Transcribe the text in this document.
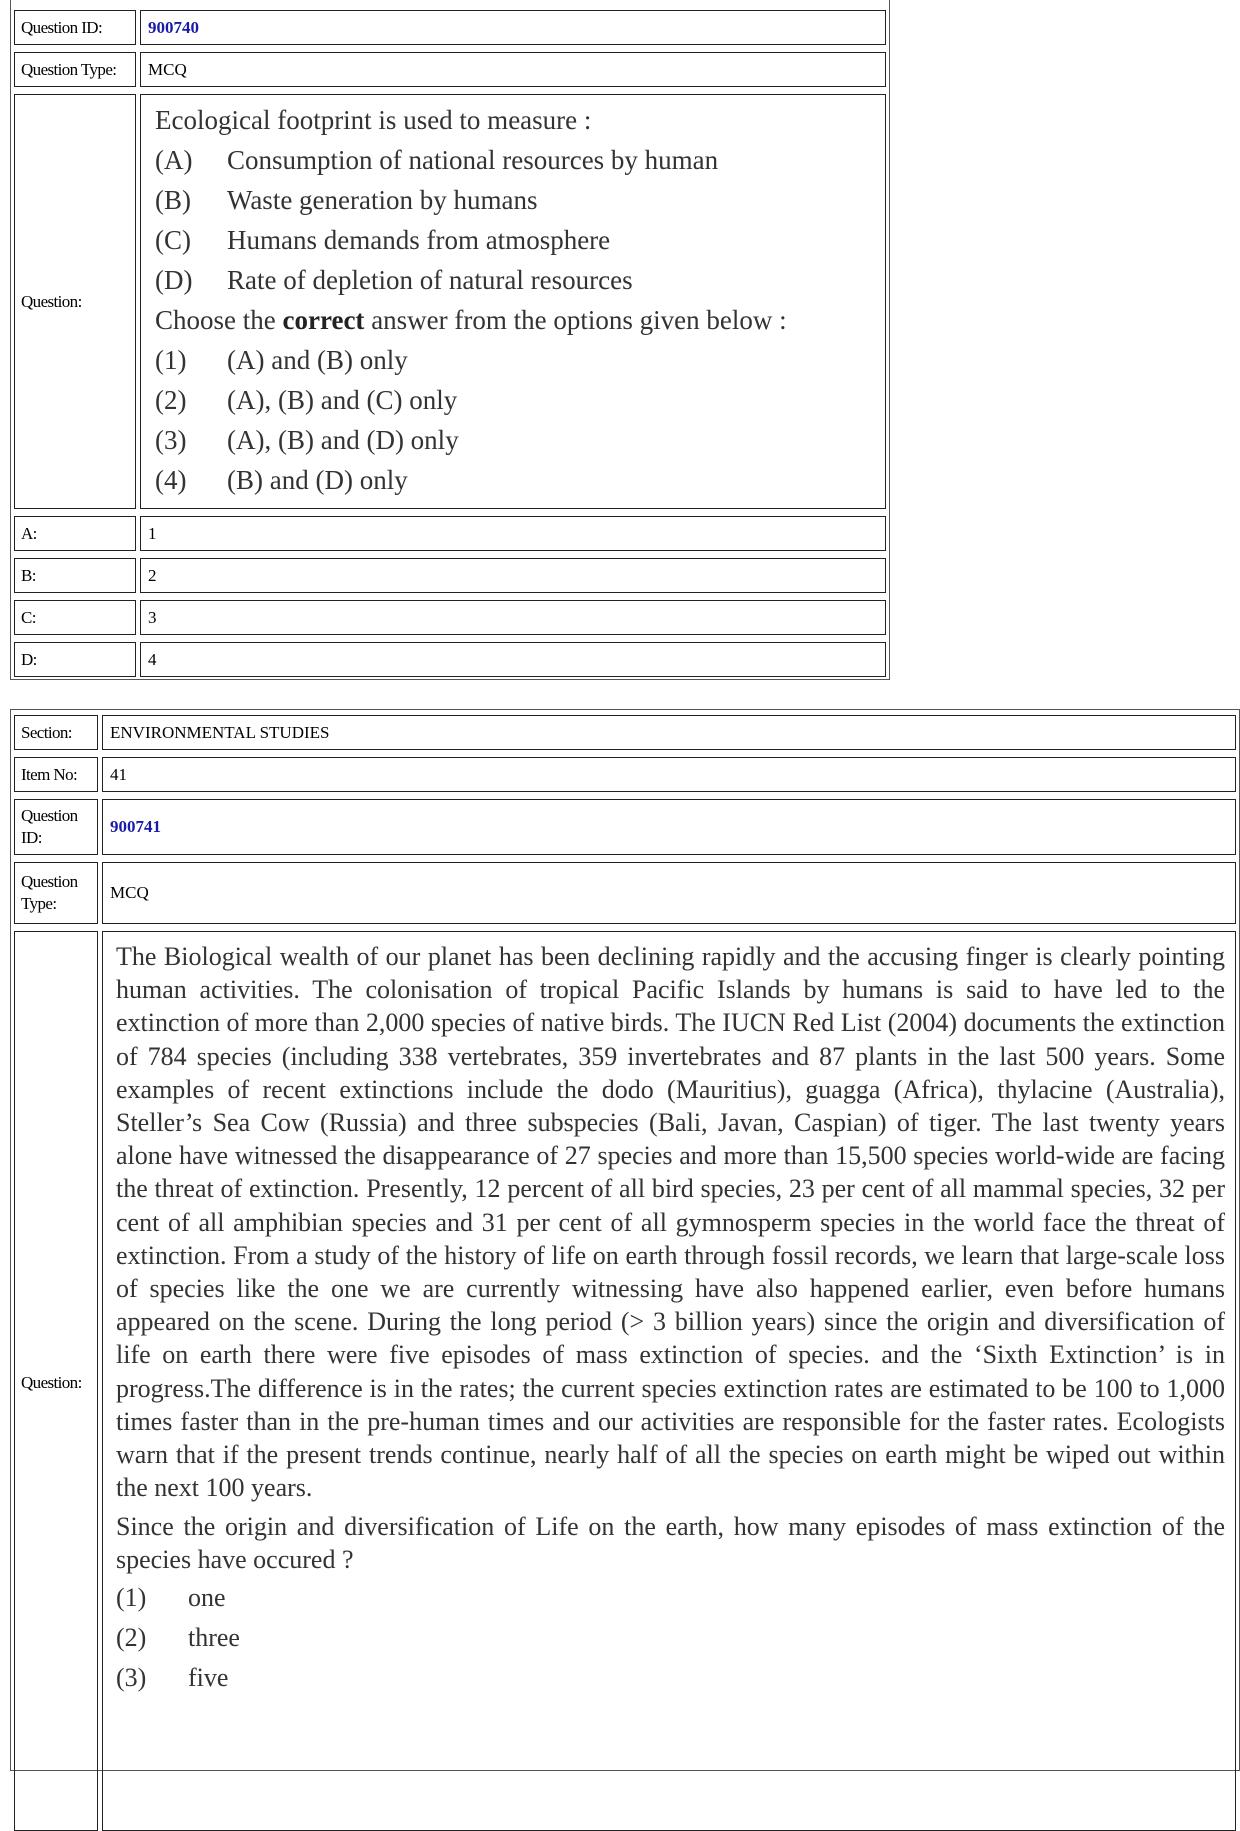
Question ID:	900740
Question Type:	MCQ
Question:
Ecological footprint is used to measure :
(A) Consumption of national resources by human
(B) Waste generation by humans
(C) Humans demands from atmosphere
(D) Rate of depletion of natural resources
Choose the correct answer from the options given below :
(1) (A) and (B) only
(2) (A), (B) and (C) only
(3) (A), (B) and (D) only
(4) (B) and (D) only
A:	1
B:	2
C:	3
D:	4
Section:	ENVIRONMENTAL STUDIES
Item No:	41
Question ID:
900741
Question Type:
MCQ
Question:
The Biological wealth of our planet has been declining rapidly and the accusing finger is clearly pointing human activities. The colonisation of tropical Pacific Islands by humans is said to have led to the extinction of more than 2,000 species of native birds. The IUCN Red List (2004) documents the extinction of 784 species (including 338 vertebrates, 359 invertebrates and 87 plants in the last 500 years. Some examples of recent extinctions include the dodo (Mauritius), guagga (Africa), thylacine (Australia), Steller’s Sea Cow (Russia) and three subspecies (Bali, Javan, Caspian) of tiger. The last twenty years alone have witnessed the disappearance of 27 species and more than 15,500 species world-wide are facing the threat of extinction. Presently, 12 percent of all bird species, 23 per cent of all mammal species, 32 per cent of all amphibian species and 31 per cent of all gymnosperm species in the world face the threat of extinction. From a study of the history of life on earth through fossil records, we learn that large-scale loss of species like the one we are currently witnessing have also happened earlier, even before humans appeared on the scene. During the long period (> 3 billion years) since the origin and diversification of life on earth there were five episodes of mass extinction of species. and the ‘Sixth Extinction’ is in progress.The difference is in the rates; the current species extinction rates are estimated to be 100 to 1,000 times faster than in the pre-human times and our activities are responsible for the faster rates. Ecologists warn that if the present trends continue, nearly half of all the species on earth might be wiped out within the next 100 years.
Since the origin and diversification of Life on the earth, how many episodes of mass extinction of the species have occured ?
(1) one
(2) three
(3) five
